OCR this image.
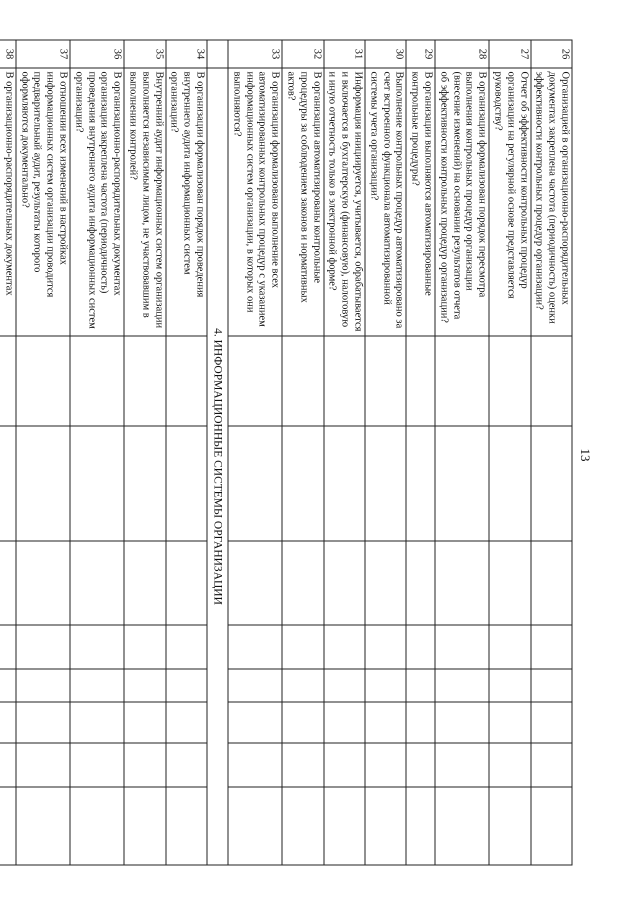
13
26	Организацией в организационно-распорядительных документах закреплена частота (периодичность) оценки эффективности контрольных процедур организации?								
27	Отчет об эффективности контрольных процедур организации на регулярной основе представляется руководству?								
28	В организации формализован порядок пересмотра выполнения контрольных процедур организации (внесение изменений) на основании результатов отчета об эффективности контрольных процедур организации?								
29	В организации выполняются автоматизированные контрольные процедуры?								
30	Выполнение контрольных процедур автоматизировано за счет встроенного функционала автоматизированной системы учета организации?								
31	Информация инициируется, учитывается, обрабатывается и включается в бухгалтерскую (финансовую), налоговую и иную отчетность только в электронной форме?								
32	В организации автоматизированы контрольные процедуры за соблюдением законов и нормативных актов?								
33	В организации формализовано выполнение всех автоматизированных контрольных процедур с указанием информационных систем организации, в которых они выполняются?								
	4. ИНФОРМАЦИОННЫЕ СИСТЕМЫ ОРГАНИЗАЦИИ								
34	В организации формализован порядок проведения внутреннего аудита информационных систем организации?								
35	Внутренний аудит информационных систем организации выполняется независимым лицом, не участвовавшим в выполнении контролей?								
36	В организационно-распорядительных документах организации закреплена частота (периодичность) проведения внутреннего аудита информационных систем организации?								
37	В отношении всех изменений в настройках информационных систем организации проводится предварительный аудит, результаты которого оформляются документально?								
38	В организационно-распорядительных документах								
